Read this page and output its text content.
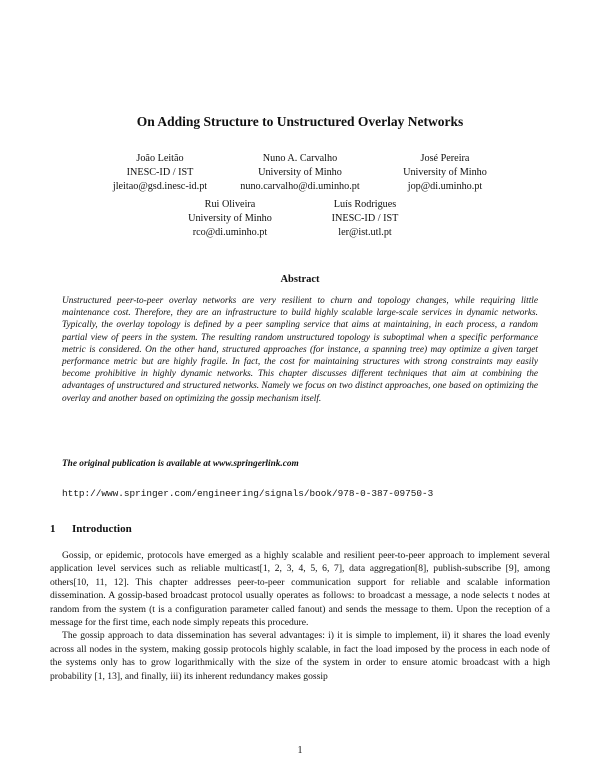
On Adding Structure to Unstructured Overlay Networks
João Leitão
INESC-ID / IST
jleitao@gsd.inesc-id.pt
Nuno A. Carvalho
University of Minho
nuno.carvalho@di.uminho.pt
José Pereira
University of Minho
jop@di.uminho.pt
Rui Oliveira
University of Minho
rco@di.uminho.pt
Luís Rodrigues
INESC-ID / IST
ler@ist.utl.pt
Abstract
Unstructured peer-to-peer overlay networks are very resilient to churn and topology changes, while requiring little maintenance cost. Therefore, they are an infrastructure to build highly scalable large-scale services in dynamic networks. Typically, the overlay topology is defined by a peer sampling service that aims at maintaining, in each process, a random partial view of peers in the system. The resulting random unstructured topology is suboptimal when a specific performance metric is considered. On the other hand, structured approaches (for instance, a spanning tree) may optimize a given target performance metric but are highly fragile. In fact, the cost for maintaining structures with strong constraints may easily become prohibitive in highly dynamic networks. This chapter discusses different techniques that aim at combining the advantages of unstructured and structured networks. Namely we focus on two distinct approaches, one based on optimizing the overlay and another based on optimizing the gossip mechanism itself.
The original publication is available at www.springerlink.com
http://www.springer.com/engineering/signals/book/978-0-387-09750-3
1 Introduction

Gossip, or epidemic, protocols have emerged as a highly scalable and resilient peer-to-peer approach to implement several application level services such as reliable multicast[1, 2, 3, 4, 5, 6, 7], data aggregation[8], publish-subscribe [9], among others[10, 11, 12]. This chapter addresses peer-to-peer communication support for reliable and scalable information dissemination. A gossip-based broadcast protocol usually operates as follows: to broadcast a message, a node selects t nodes at random from the system (t is a configuration parameter called fanout) and sends the message to them. Upon the reception of a message for the first time, each node simply repeats this procedure.

The gossip approach to data dissemination has several advantages: i) it is simple to implement, ii) it shares the load evenly across all nodes in the system, making gossip protocols highly scalable, in fact the load imposed by the process in each node of the systems only has to grow logarithmically with the size of the system in order to ensure atomic broadcast with a high probability [1, 13], and finally, iii) its inherent redundancy makes gossip

1
